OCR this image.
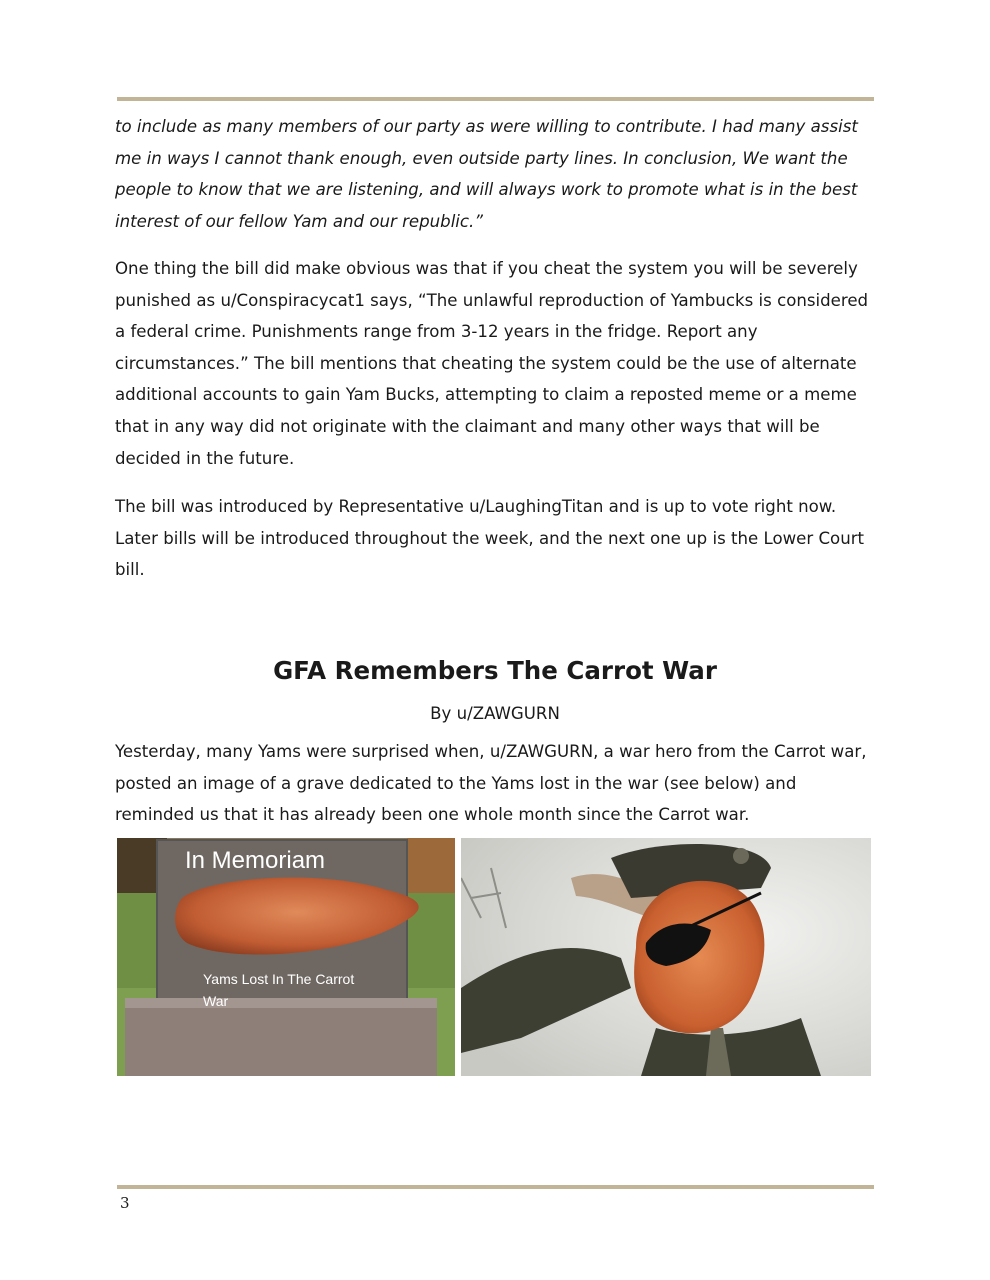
to include as many members of our party as were willing to contribute. I had many assist me in ways I cannot thank enough, even outside party lines. In conclusion, We want the people to know that we are listening, and will always work to promote what is in the best interest of our fellow Yam and our republic.”
One thing the bill did make obvious was that if you cheat the system you will be severely punished as u/Conspiracycat1 says, “The unlawful reproduction of Yambucks is considered a federal crime. Punishments range from 3-12 years in the fridge. Report any circumstances.” The bill mentions that cheating the system could be the use of alternate additional accounts to gain Yam Bucks, attempting to claim a reposted meme or a meme that in any way did not originate with the claimant and many other ways that will be decided in the future.
The bill was introduced by Representative u/LaughingTitan and is up to vote right now. Later bills will be introduced throughout the week, and the next one up is the Lower Court bill.
GFA Remembers The Carrot War
By u/ZAWGURN
Yesterday, many Yams were surprised when, u/ZAWGURN, a war hero from the Carrot war, posted an image of a grave dedicated to the Yams lost in the war (see below) and reminded us that it has already been one whole month since the Carrot war.
In Memoriam
Yams Lost In The Carrot
War
3
